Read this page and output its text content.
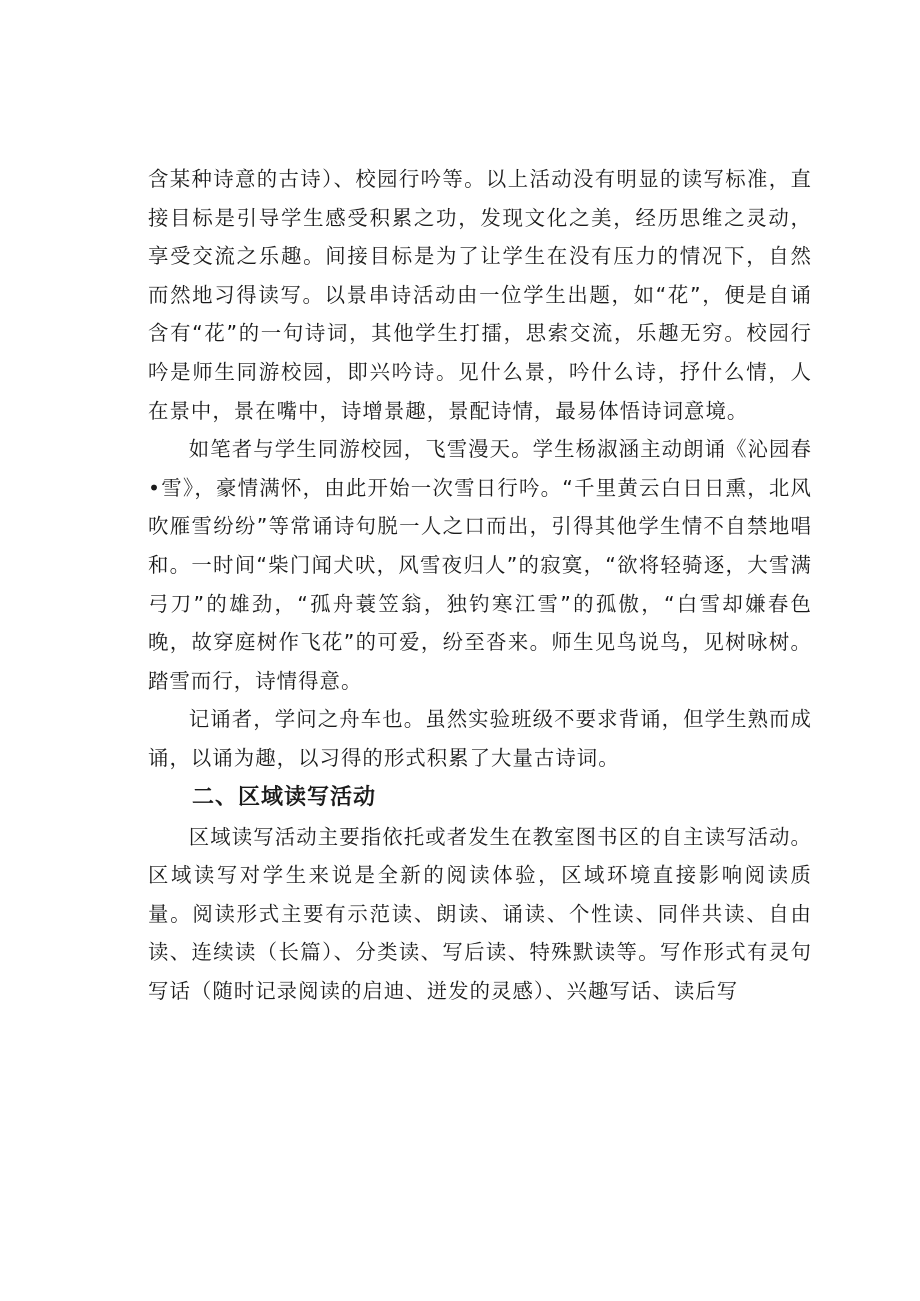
含某种诗意的古诗）、校园行吟等。以上活动没有明显的读写标准，直接目标是引导学生感受积累之功，发现文化之美，经历思维之灵动，享受交流之乐趣。间接目标是为了让学生在没有压力的情况下，自然而然地习得读写。以景串诗活动由一位学生出题，如“花”，便是自诵含有“花”的一句诗词，其他学生打擂，思索交流，乐趣无穷。校园行吟是师生同游校园，即兴吟诗。见什么景，吟什么诗，抒什么情，人在景中，景在嘴中，诗增景趣，景配诗情，最易体悟诗词意境。

如笔者与学生同游校园，飞雪漫天。学生杨淑涵主动朗诵《沁园春•雪》，豪情满怀，由此开始一次雪日行吟。“千里黄云白日日熏，北风吹雁雪纷纷”等常诵诗句脱一人之口而出，引得其他学生情不自禁地唱和。一时间“柴门闻犬吠，风雪夜归人”的寂寞，“欲将轻骑逐，大雪满弓刀”的雄劲，“孤舟蓑笠翁，独钓寒江雪”的孤傲，“白雪却嫌春色晚，故穿庭树作飞花”的可爱，纷至沓来。师生见鸟说鸟，见树咏树。踏雪而行，诗情得意。

记诵者，学问之舟车也。虽然实验班级不要求背诵，但学生熟而成诵，以诵为趣，以习得的形式积累了大量古诗词。

二、区域读写活动

区域读写活动主要指依托或者发生在教室图书区的自主读写活动。区域读写对学生来说是全新的阅读体验，区域环境直接影响阅读质量。阅读形式主要有示范读、朗读、诵读、个性读、同伴共读、自由读、连续读（长篇）、分类读、写后读、特殊默读等。写作形式有灵句写话（随时记录阅读的启迪、迸发的灵感）、兴趣写话、读后写
